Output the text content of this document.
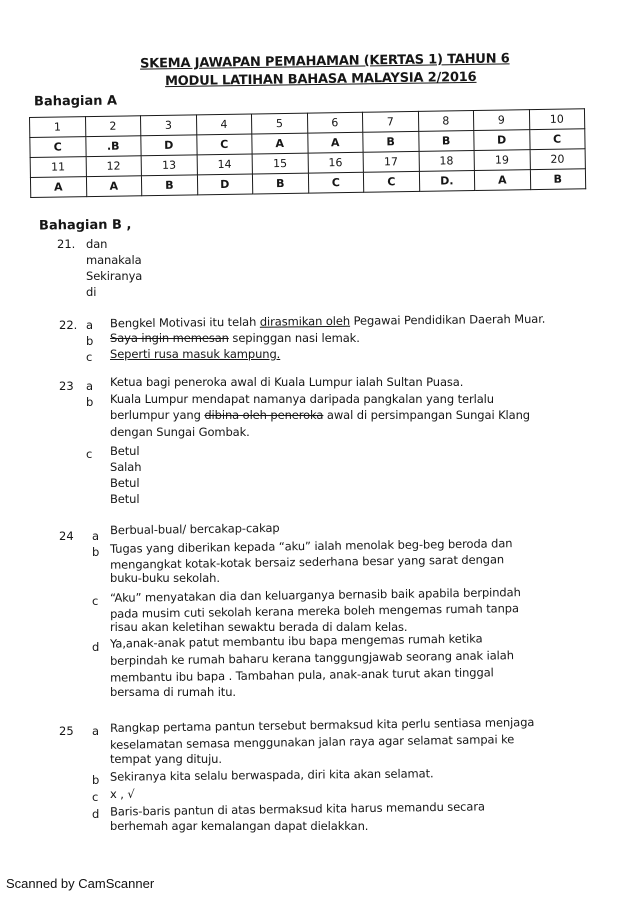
SKEMA JAWAPAN PEMAHAMAN (KERTAS 1) TAHUN 6
MODUL LATIHAN BAHASA MALAYSIA 2/2016
Bahagian A
1	2	3	4	5	6	7	8	9	10
C	.B	D	C	A	A	B	B	D	C
11	12	13	14	15	16	17	18	19	20
A	A	B	D	B	C	C	D.	A	B
Bahagian B ,
21. dan
manakala
Sekiranya
di
22. a Bengkel Motivasi itu telah dirasmikan oleh Pegawai Pendidikan Daerah Muar.
b Saya ingin memesan sepinggan nasi lemak.
c Seperti rusa masuk kampung.
23 a Ketua bagi peneroka awal di Kuala Lumpur ialah Sultan Puasa.
b Kuala Lumpur mendapat namanya daripada pangkalan yang terlalu
berlumpur yang dibina oleh peneroka awal di persimpangan Sungai Klang
dengan Sungai Gombak.
c Betul
Salah
Betul
Betul
24 a Berbual-bual/ bercakap-cakap
b Tugas yang diberikan kepada “aku” ialah menolak beg-beg beroda dan
mengangkat kotak-kotak bersaiz sederhana besar yang sarat dengan
buku-buku sekolah.
c “Aku” menyatakan dia dan keluarganya bernasib baik apabila berpindah
pada musim cuti sekolah kerana mereka boleh mengemas rumah tanpa
risau akan keletihan sewaktu berada di dalam kelas.
d Ya,anak-anak patut membantu ibu bapa mengemas rumah ketika
berpindah ke rumah baharu kerana tanggungjawab seorang anak ialah
membantu ibu bapa . Tambahan pula, anak-anak turut akan tinggal
bersama di rumah itu.
25 a Rangkap pertama pantun tersebut bermaksud kita perlu sentiasa menjaga
keselamatan semasa menggunakan jalan raya agar selamat sampai ke
tempat yang dituju.
b Sekiranya kita selalu berwaspada, diri kita akan selamat.
c x , √
d Baris-baris pantun di atas bermaksud kita harus memandu secara
berhemah agar kemalangan dapat dielakkan.
Scanned by CamScanner
